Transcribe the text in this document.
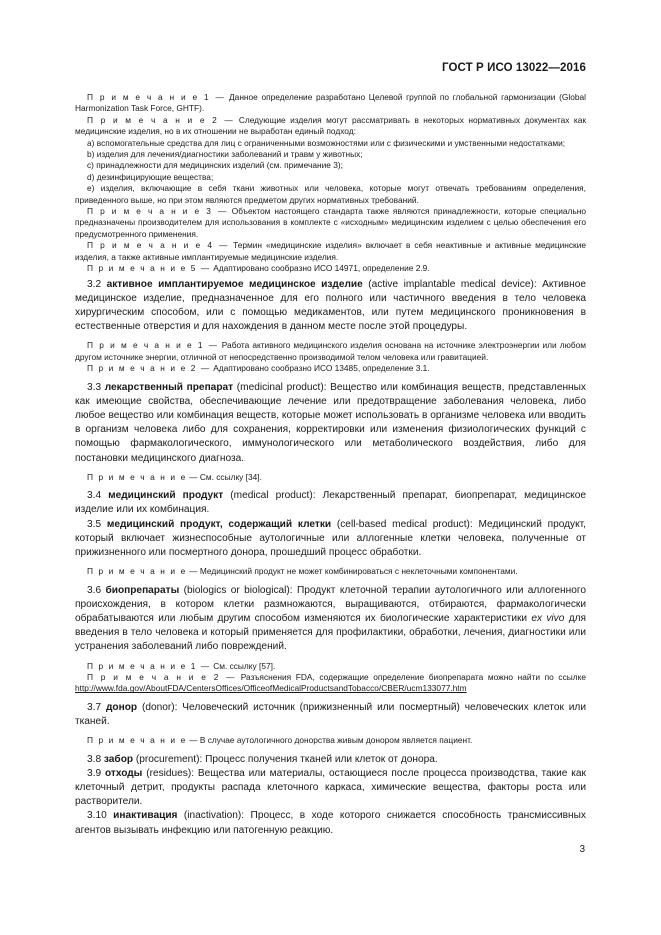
ГОСТ Р ИСО 13022—2016

П р и м е ч а н и е 1 — Данное определение разработано Целевой группой по глобальной гармонизации (Global Harmonization Task Force, GHTF).

П р и м е ч а н и е 2 — Следующие изделия могут рассматривать в некоторых нормативных документах как медицинские изделия, но в их отношении не выработан единый подход:

a) вспомогательные средства для лиц с ограниченными возможностями или с физическими и умственными недостатками;

b) изделия для лечения/диагностики заболеваний и травм у животных;

c) принадлежности для медицинских изделий (см. примечание 3);

d) дезинфицирующие вещества;

e) изделия, включающие в себя ткани животных или человека, которые могут отвечать требованиям определения, приведенного выше, но при этом являются предметом других нормативных требований.

П р и м е ч а н и е 3 — Объектом настоящего стандарта также являются принадлежности, которые специально предназначены производителем для использования в комплекте с «исходным» медицинским изделием с целью обеспечения его предусмотренного применения.

П р и м е ч а н и е 4 — Термин «медицинские изделия» включает в себя неактивные и активные медицинские изделия, а также активные имплантируемые медицинские изделия.

П р и м е ч а н и е 5 — Адаптировано сообразно ИСО 14971, определение 2.9.

3.2 активное имплантируемое медицинское изделие (active implantable medical device): Активное медицинское изделие, предназначенное для его полного или частичного введения в тело человека хирургическим способом, или с помощью медикаментов, или путем медицинского проникновения в естественные отверстия и для нахождения в данном месте после этой процедуры.

П р и м е ч а н и е 1 — Работа активного медицинского изделия основана на источнике электроэнергии или любом другом источнике энергии, отличной от непосредственно производимой телом человека или гравитацией.

П р и м е ч а н и е 2 — Адаптировано сообразно ИСО 13485, определение 3.1.

3.3 лекарственный препарат (medicinal product): Вещество или комбинация веществ, представленных как имеющие свойства, обеспечивающие лечение или предотвращение заболевания человека, либо любое вещество или комбинация веществ, которые может использовать в организме человека или вводить в организм человека либо для сохранения, корректировки или изменения физиологических функций с помощью фармакологического, иммунологического или метаболического воздействия, либо для постановки медицинского диагноза.

П р и м е ч а н и е — См. ссылку [34].

3.4 медицинский продукт (medical product): Лекарственный препарат, биопрепарат, медицинское изделие или их комбинация.

3.5 медицинский продукт, содержащий клетки (cell-based medical product): Медицинский продукт, который включает жизнеспособные аутологичные или аллогенные клетки человека, полученные от прижизненного или посмертного донора, прошедший процесс обработки.

П р и м е ч а н и е — Медицинский продукт не может комбинироваться с неклеточными компонентами.

3.6 биопрепараты (biologics or biological): Продукт клеточной терапии аутологичного или аллогенного происхождения, в котором клетки размножаются, выращиваются, отбираются, фармакологически обрабатываются или любым другим способом изменяются их биологические характеристики ex vivo для введения в тело человека и который применяется для профилактики, обработки, лечения, диагностики или устранения заболеваний либо повреждений.

П р и м е ч а н и е 1 — См. ссылку [57].

П р и м е ч а н и е 2 — Разъяснения FDA, содержащие определение биопрепарата можно найти по ссылке http://www.fda.gov/AboutFDA/CentersOffices/OfficeofMedicalProductsandTobacco/CBER/ucm133077.htm

3.7 донор (donor): Человеческий источник (прижизненный или посмертный) человеческих клеток или тканей.

П р и м е ч а н и е — В случае аутологичного донорства живым донором является пациент.

3.8 забор (procurement): Процесс получения тканей или клеток от донора.

3.9 отходы (residues): Вещества или материалы, остающиеся после процесса производства, такие как клеточный детрит, продукты распада клеточного каркаса, химические вещества, факторы роста или растворители.

3.10 инактивация (inactivation): Процесс, в ходе которого снижается способность трансмиссивных агентов вызывать инфекцию или патогенную реакцию.

3
